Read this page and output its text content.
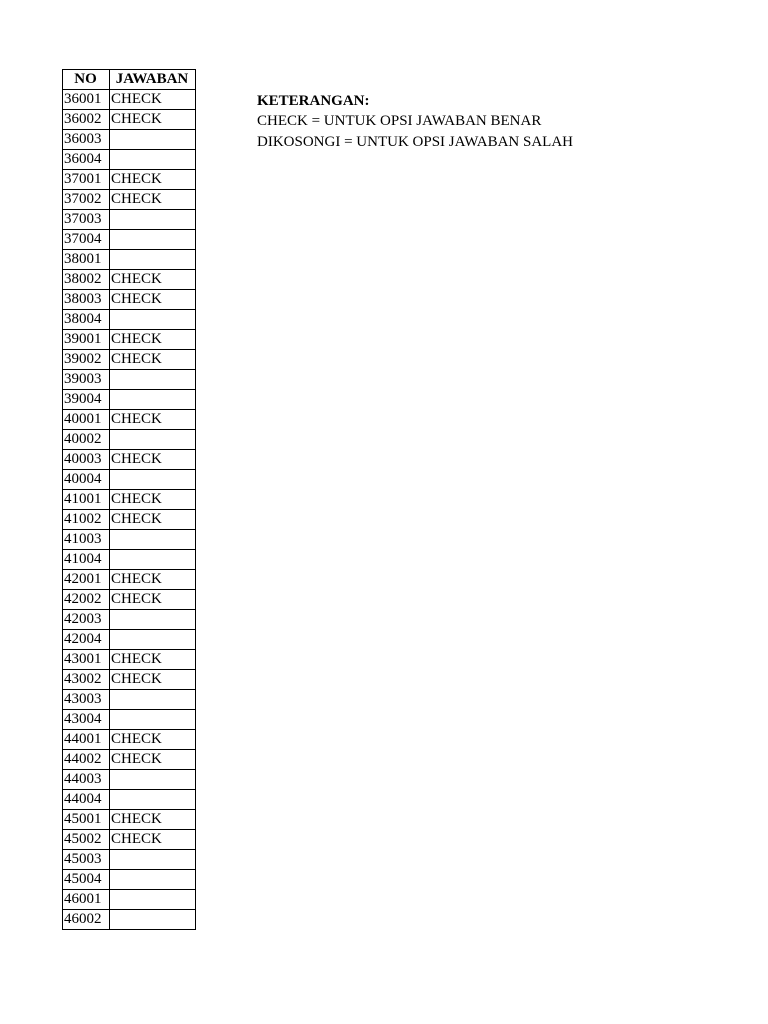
NO	JAWABAN
36001	CHECK
36002	CHECK
36003	
36004	
37001	CHECK
37002	CHECK
37003	
37004	
38001	
38002	CHECK
38003	CHECK
38004	
39001	CHECK
39002	CHECK
39003	
39004	
40001	CHECK
40002	
40003	CHECK
40004	
41001	CHECK
41002	CHECK
41003	
41004	
42001	CHECK
42002	CHECK
42003	
42004	
43001	CHECK
43002	CHECK
43003	
43004	
44001	CHECK
44002	CHECK
44003	
44004	
45001	CHECK
45002	CHECK
45003	
45004	
46001	
46002	
KETERANGAN:
CHECK = UNTUK OPSI JAWABAN BENAR
DIKOSONGI = UNTUK OPSI JAWABAN SALAH
